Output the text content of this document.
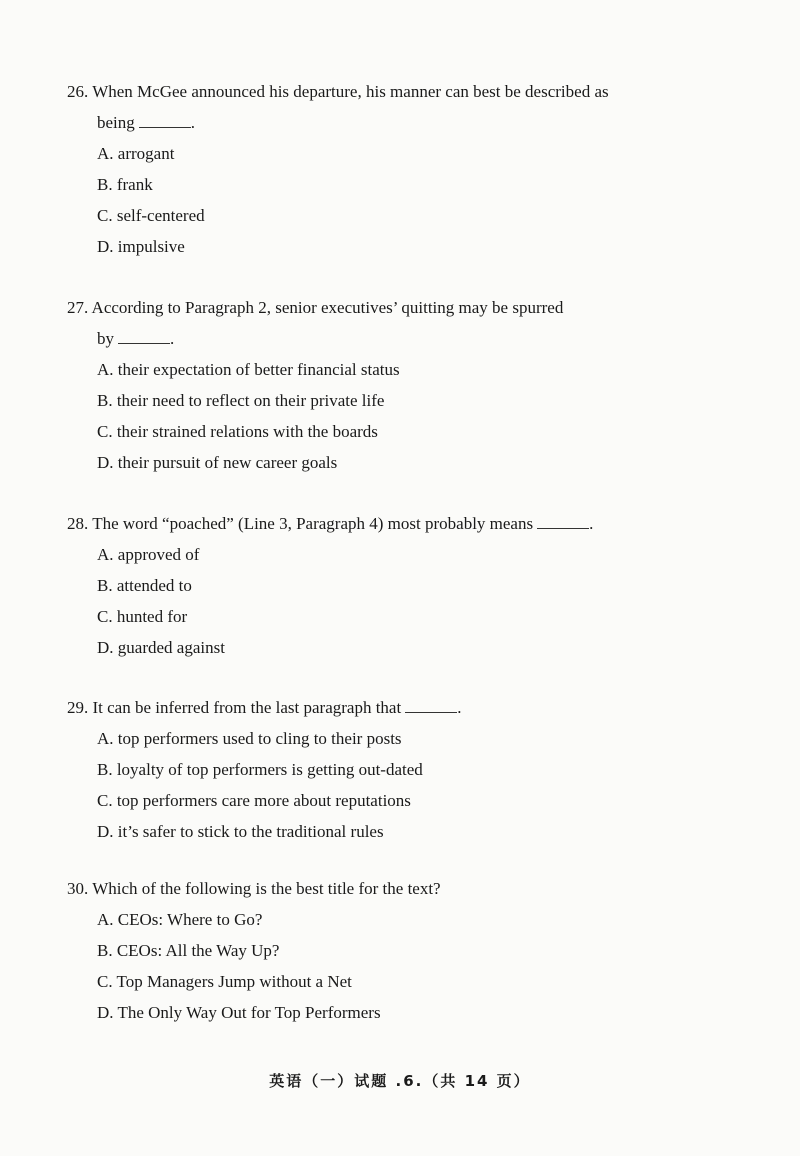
26. When McGee announced his departure, his manner can best be described as

being	.

A. arrogant
B. frank
C. self-centered
D. impulsive

27. According to Paragraph 2, senior executives’ quitting may be spurred

by	.

A. their expectation of better financial status
B. their need to reflect on their private life
C. their strained relations with the boards
D. their pursuit of new career goals

28. The word “poached” (Line 3, Paragraph 4) most probably means	.

A. approved of
B. attended to
C. hunted for
D. guarded against

29. It can be inferred from the last paragraph that	.

A. top performers used to cling to their posts
B. loyalty of top performers is getting out-dated
C. top performers care more about reputations
D. it’s safer to stick to the traditional rules

30. Which of the following is the best title for the text?

A. CEOs: Where to Go?
B. CEOs: All the Way Up?
C. Top Managers Jump without a Net
D. The Only Way Out for Top Performers
英语（一）试题 .6.（共 14 页）
